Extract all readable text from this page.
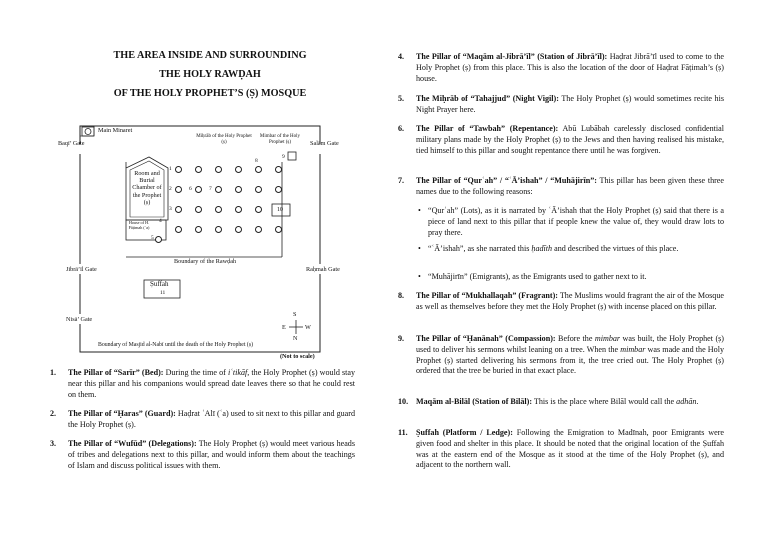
THE AREA INSIDE AND SURROUNDING
THE HOLY RAWḌAH
OF THE HOLY PROPHET’S (Ṣ) MOSQUE
Main Minaret
Baqī’ Gate
Miḥrāb of the Holy Prophet (ṣ)
Mimbar of the Holy Prophet (ṣ)	Salām Gate
Room and Burial Chamber of the Prophet (ṣ)
House of H. Fāṭimah (ʿa)
Boundary of the Rawḍah
Jibrā’īl Gate	Raḥmah Gate
Ṣuffah
11
Nisā’ Gate
Boundary of Masjid al-Nabī until the death of the Holy Prophet (ṣ)
(Not to scale)
S
E	W
N
1
2
3
4
5
6	7
8
9
10
1. The Pillar of “Sarīr” (Bed): During the time of iʿtikāf, the Holy Prophet (ṣ) would stay near this pillar and his companions would spread date leaves there so that he could rest on them.
2. The Pillar of “Ḥaras” (Guard): Haḍrat ʿAlī (ʿa) used to sit next to this pillar and guard the Holy Prophet (ṣ).
3. The Pillar of “Wufūd” (Delegations): The Holy Prophet (ṣ) would meet various heads of tribes and delegations next to this pillar, and would inform them about the teachings of Islam and discuss political issues with them.
4. The Pillar of “Maqām al-Jibrā’īl” (Station of Jibrā’īl): Haḍrat Jibrā’īl used to come to the Holy Prophet (ṣ) from this place. This is also the location of the door of Haḍrat Fāṭimah’s (ṣ) house.
5. The Miḥrāb of “Tahajjud” (Night Vigil): The Holy Prophet (ṣ) would sometimes recite his Night Prayer here.
6. The Pillar of “Tawbah” (Repentance): Abū Lubābah carelessly disclosed confidential military plans made by the Holy Prophet (ṣ) to the Jews and then having realised his mistake, tied himself to this pillar and sought repentance there until he was forgiven.
7. The Pillar of “Qurʿah” / “ʿĀ’ishah” / “Muhājirīn”: This pillar has been given these three names due to the following reasons:
• “Qurʿah” (Lots), as it is narrated by ʿĀ’ishah that the Holy Prophet (ṣ) said that there is a piece of land next to this pillar that if people knew the value of, they would draw lots to pray there.
• “ʿĀ’ishah”, as she narrated this ḥadīth and described the virtues of this place.
• “Muhājirīn” (Emigrants), as the Emigrants used to gather next to it.
8. The Pillar of “Mukhallaqah” (Fragrant): The Muslims would fragrant the air of the Mosque as well as themselves before they met the Holy Prophet (ṣ) with incense placed on this pillar.
9. The Pillar of “Ḥanānah” (Compassion): Before the mimbar was built, the Holy Prophet (ṣ) used to deliver his sermons whilst leaning on a tree. When the mimbar was made and the Holy Prophet (ṣ) started delivering his sermons from it, the tree cried out. The Holy Prophet (ṣ) ordered that the tree be buried in that exact place.
10. Maqām al-Bilāl (Station of Bilāl): This is the place where Bilāl would call the adhān.
11. Ṣuffah (Platform / Ledge): Following the Emigration to Madīnah, poor Emigrants were given food and shelter in this place. It should be noted that the original location of the Ṣuffah was at the eastern end of the Mosque as it stood at the time of the Holy Prophet (ṣ), and adjacent to the northern wall.
